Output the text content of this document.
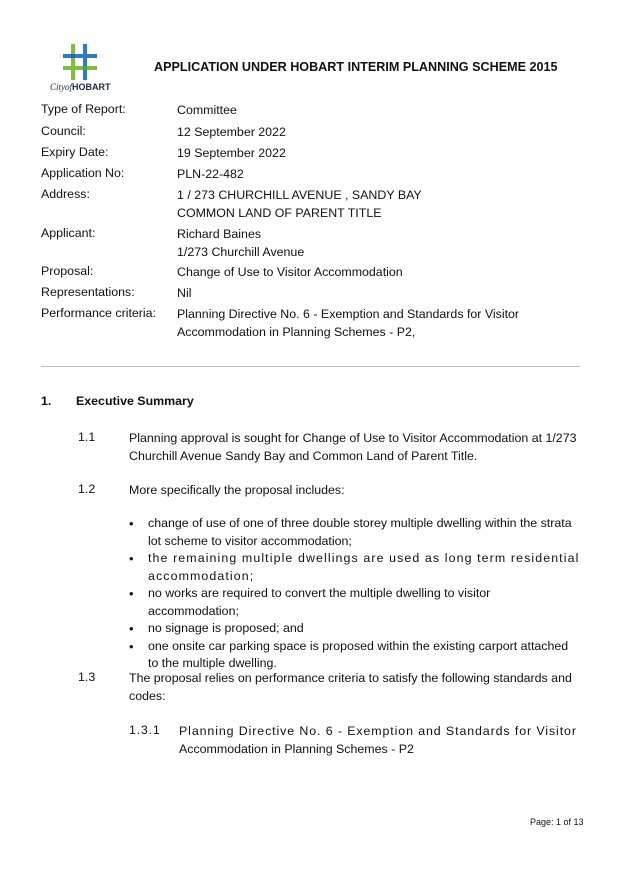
CityofHOBART
APPLICATION UNDER HOBART INTERIM PLANNING SCHEME 2015
Type of Report:	Committee
Council:	12 September 2022
Expiry Date:	19 September 2022
Application No:	PLN-22-482
Address:	1 / 273 CHURCHILL AVENUE , SANDY BAY
COMMON LAND OF PARENT TITLE
Applicant:	Richard Baines
1/273 Churchill Avenue
Proposal:	Change of Use to Visitor Accommodation
Representations:	Nil
Performance criteria: Planning Directive No. 6 - Exemption and Standards for Visitor
Accommodation in Planning Schemes - P2,
1. Executive Summary
1.1	Planning approval is sought for Change of Use to Visitor Accommodation at 1/273 Churchill Avenue Sandy Bay and Common Land of Parent Title.
1.2	More specifically the proposal includes:
• change of use of one of three double storey multiple dwelling within the strata lot scheme to visitor accommodation;
• the remaining multiple dwellings are used as long term residential accommodation;
• no works are required to convert the multiple dwelling to visitor accommodation;
• no signage is proposed; and
• one onsite car parking space is proposed within the existing carport attached to the multiple dwelling.
1.3	The proposal relies on performance criteria to satisfy the following standards and codes:
1.3.1 Planning Directive No. 6 - Exemption and Standards for Visitor
Accommodation in Planning Schemes - P2
Page: 1 of 13
